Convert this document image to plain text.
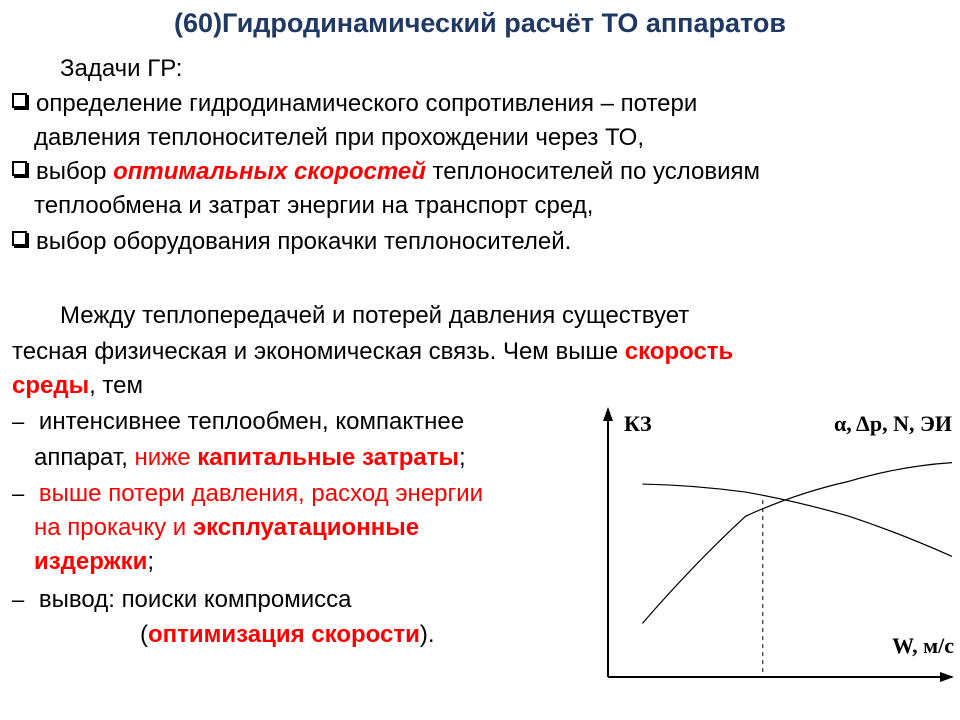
(60)Гидродинамический расчёт ТО аппаратов
Задачи ГР:
определение гидродинамического сопротивления – потери
давления теплоносителей при прохождении через ТО,
выбор оптимальных скоростей теплоносителей по условиям
теплообмена и затрат энергии на транспорт сред,
выбор оборудования прокачки теплоносителей.
Между теплопередачей и потерей давления существует
тесная физическая и экономическая связь. Чем выше скорость
среды, тем
– интенсивнее теплообмен, компактнее
аппарат, ниже капитальные затраты;
– выше потери давления, расход энергии
на прокачку и эксплуатационные
издержки;
– вывод: поиски компромисса
(оптимизация скорости).
КЗ	α, Δp, N, ЭИ
W, м/с
